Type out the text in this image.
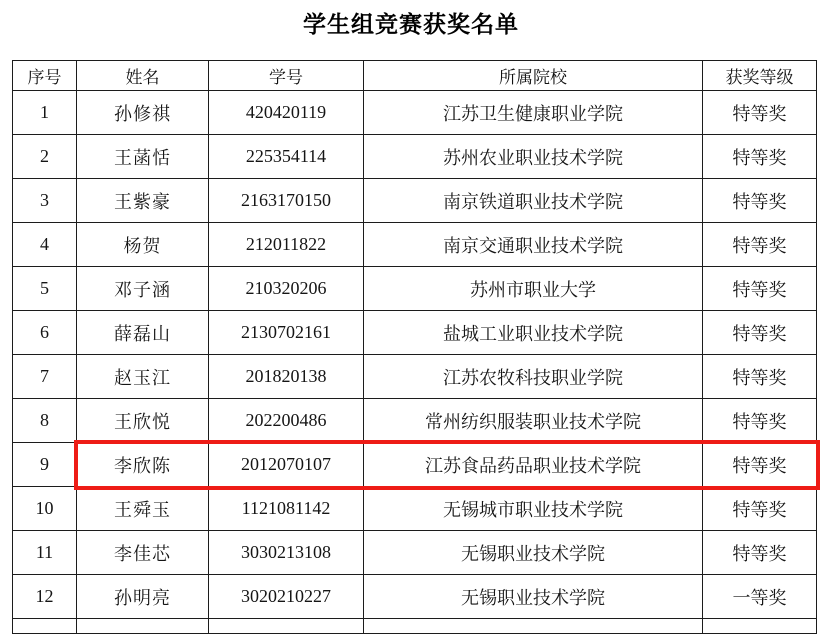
学生组竞赛获奖名单
序号	姓名	学号	所属院校	获奖等级
1	孙修祺	420420119	江苏卫生健康职业学院	特等奖
2	王菡恬	225354114	苏州农业职业技术学院	特等奖
3	王紫豪	2163170150	南京铁道职业技术学院	特等奖
4	杨贺	212011822	南京交通职业技术学院	特等奖
5	邓子涵	210320206	苏州市职业大学	特等奖
6	薛磊山	2130702161	盐城工业职业技术学院	特等奖
7	赵玉江	201820138	江苏农牧科技职业学院	特等奖
8	王欣悦	202200486	常州纺织服装职业技术学院	特等奖
9	李欣陈	2012070107	江苏食品药品职业技术学院	特等奖
10	王舜玉	1121081142	无锡城市职业技术学院	特等奖
11	李佳芯	3030213108	无锡职业技术学院	特等奖
12	孙明亮	3020210227	无锡职业技术学院	一等奖
